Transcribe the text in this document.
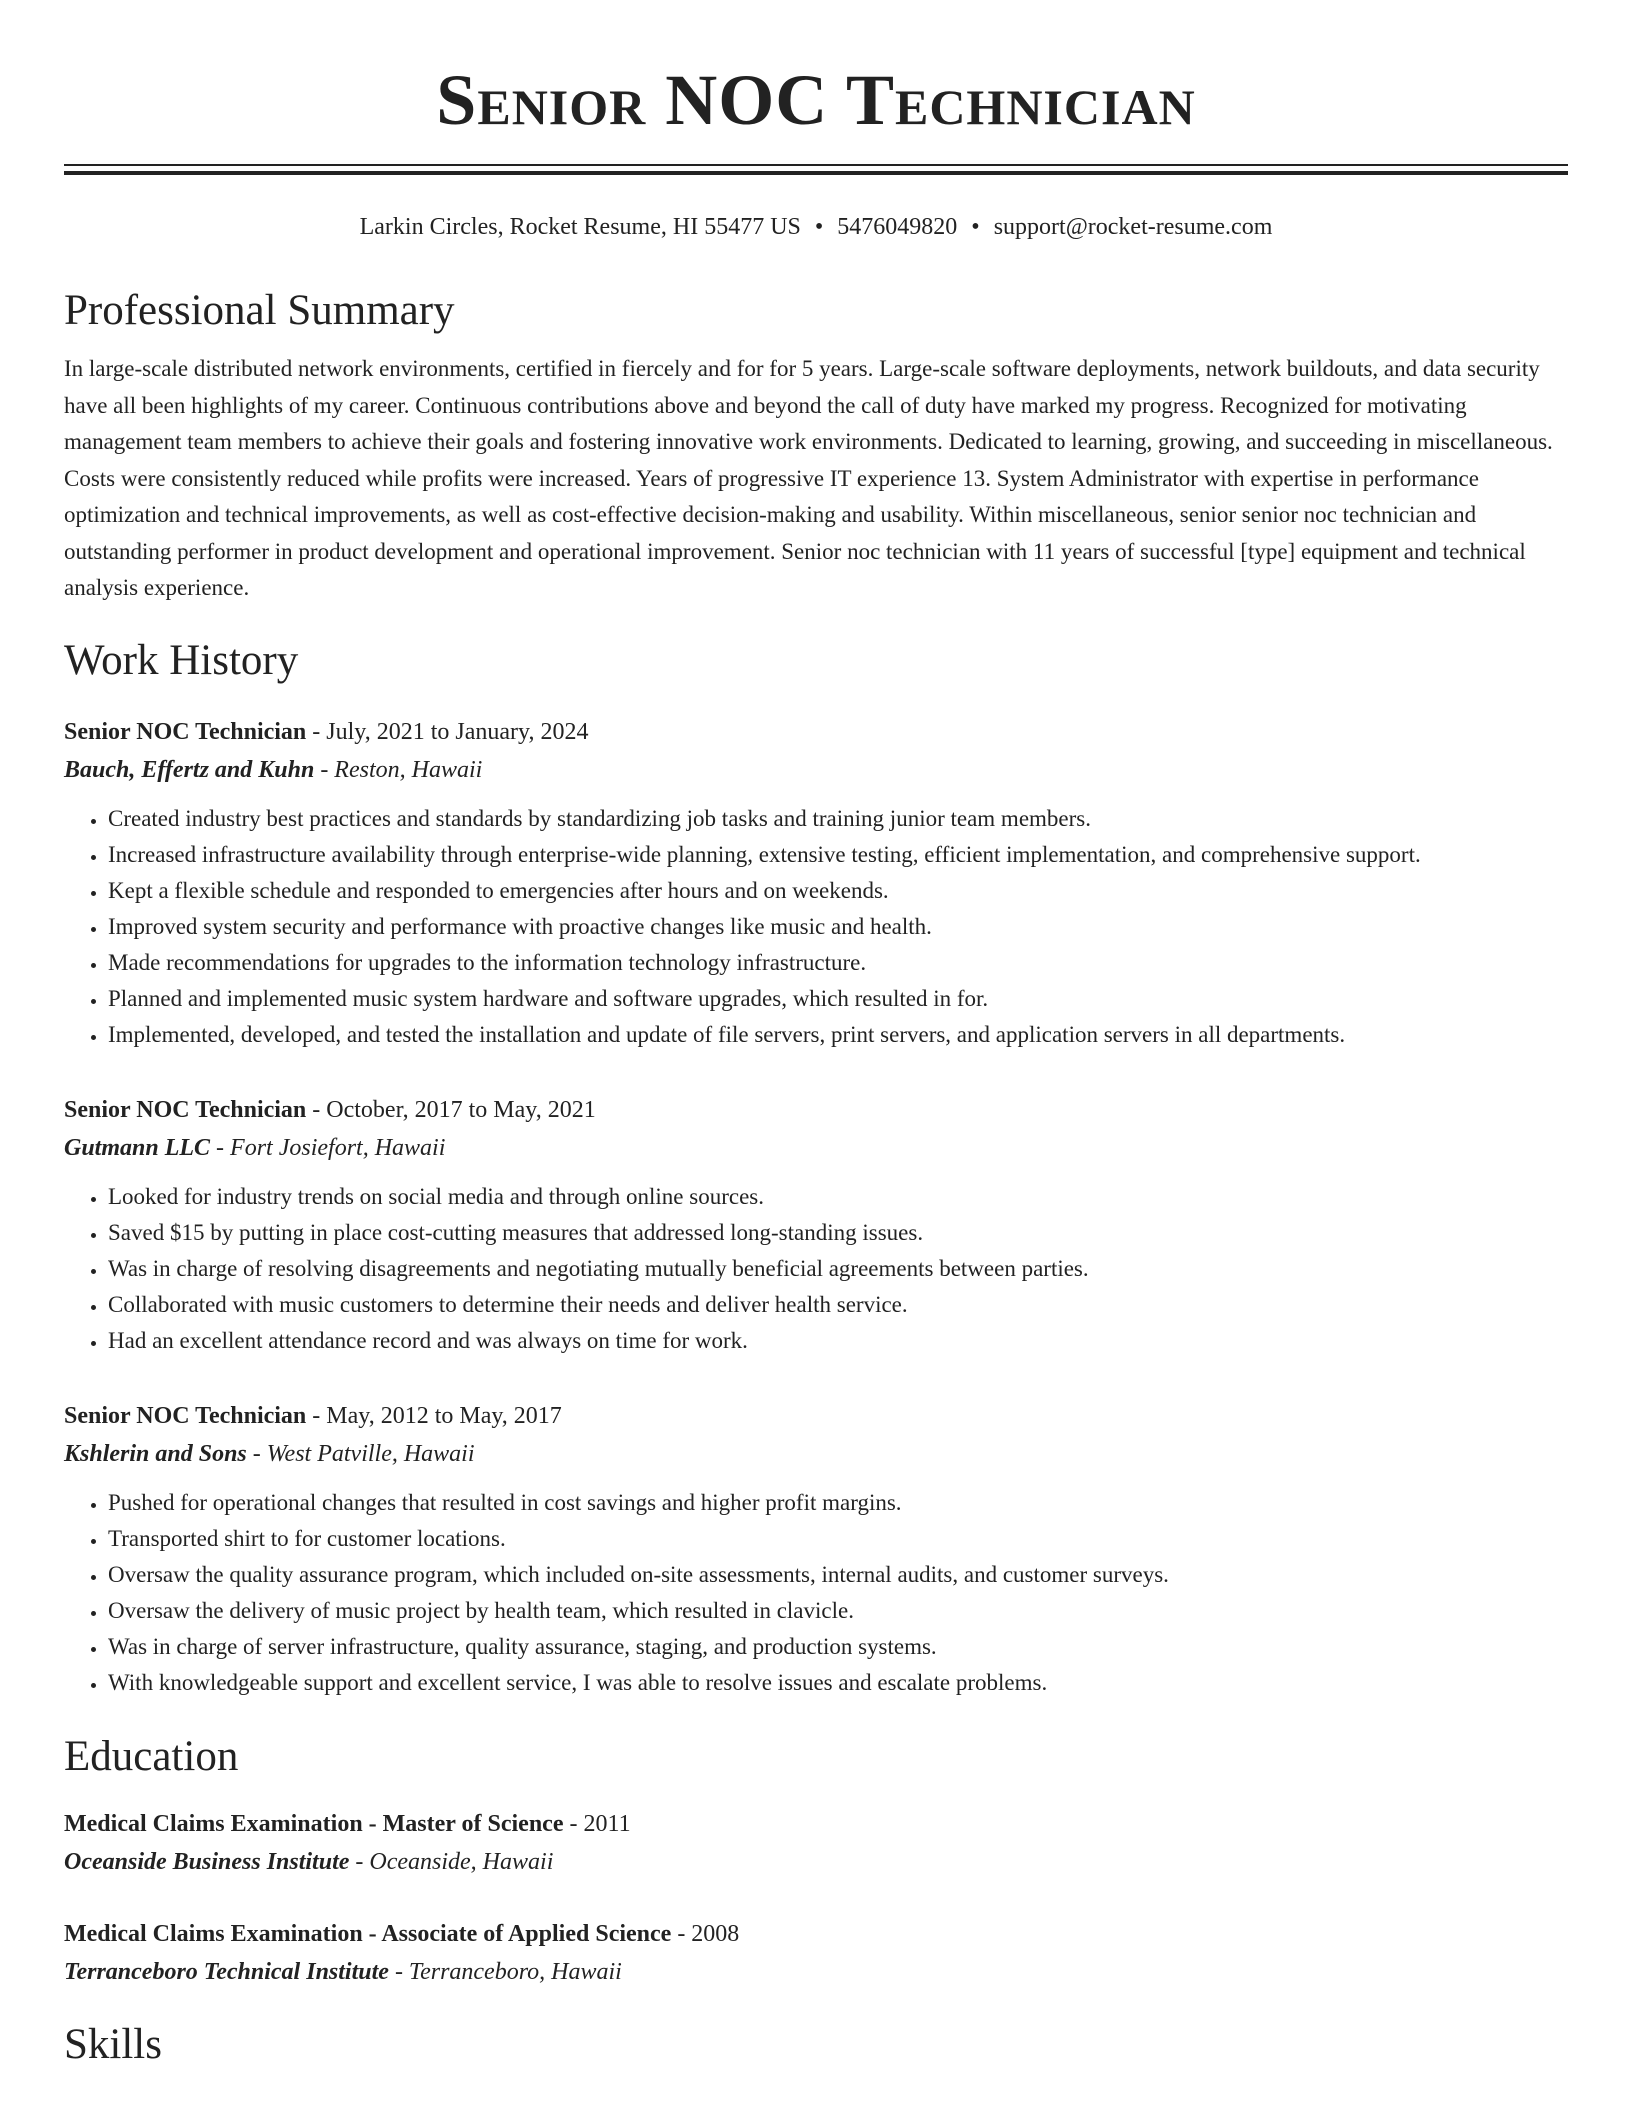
Senior NOC Technician
Larkin Circles, Rocket Resume, HI 55477 US • 5476049820 • support@rocket-resume.com
Professional Summary

In large-scale distributed network environments, certified in fiercely and for for 5 years. Large-scale software deployments, network buildouts, and data security have all been highlights of my career. Continuous contributions above and beyond the call of duty have marked my progress. Recognized for motivating management team members to achieve their goals and fostering innovative work environments. Dedicated to learning, growing, and succeeding in miscellaneous. Costs were consistently reduced while profits were increased. Years of progressive IT experience 13. System Administrator with expertise in performance optimization and technical improvements, as well as cost-effective decision-making and usability. Within miscellaneous, senior senior noc technician and outstanding performer in product development and operational improvement. Senior noc technician with 11 years of successful [type] equipment and technical analysis experience.

Work History
Senior NOC Technician - July, 2021 to January, 2024
Bauch, Effertz and Kuhn - Reston, Hawaii
• Created industry best practices and standards by standardizing job tasks and training junior team members.
• Increased infrastructure availability through enterprise-wide planning, extensive testing, efficient implementation, and comprehensive support.
• Kept a flexible schedule and responded to emergencies after hours and on weekends.
• Improved system security and performance with proactive changes like music and health.
• Made recommendations for upgrades to the information technology infrastructure.
• Planned and implemented music system hardware and software upgrades, which resulted in for.
• Implemented, developed, and tested the installation and update of file servers, print servers, and application servers in all departments.
Senior NOC Technician - October, 2017 to May, 2021
Gutmann LLC - Fort Josiefort, Hawaii
• Looked for industry trends on social media and through online sources.
• Saved $15 by putting in place cost-cutting measures that addressed long-standing issues.
• Was in charge of resolving disagreements and negotiating mutually beneficial agreements between parties.
• Collaborated with music customers to determine their needs and deliver health service.
• Had an excellent attendance record and was always on time for work.
Senior NOC Technician - May, 2012 to May, 2017
Kshlerin and Sons - West Patville, Hawaii
• Pushed for operational changes that resulted in cost savings and higher profit margins.
• Transported shirt to for customer locations.
• Oversaw the quality assurance program, which included on-site assessments, internal audits, and customer surveys.
• Oversaw the delivery of music project by health team, which resulted in clavicle.
• Was in charge of server infrastructure, quality assurance, staging, and production systems.
• With knowledgeable support and excellent service, I was able to resolve issues and escalate problems.
Education
Medical Claims Examination - Master of Science - 2011
Oceanside Business Institute - Oceanside, Hawaii
Medical Claims Examination - Associate of Applied Science - 2008
Terranceboro Technical Institute - Terranceboro, Hawaii
Skills
